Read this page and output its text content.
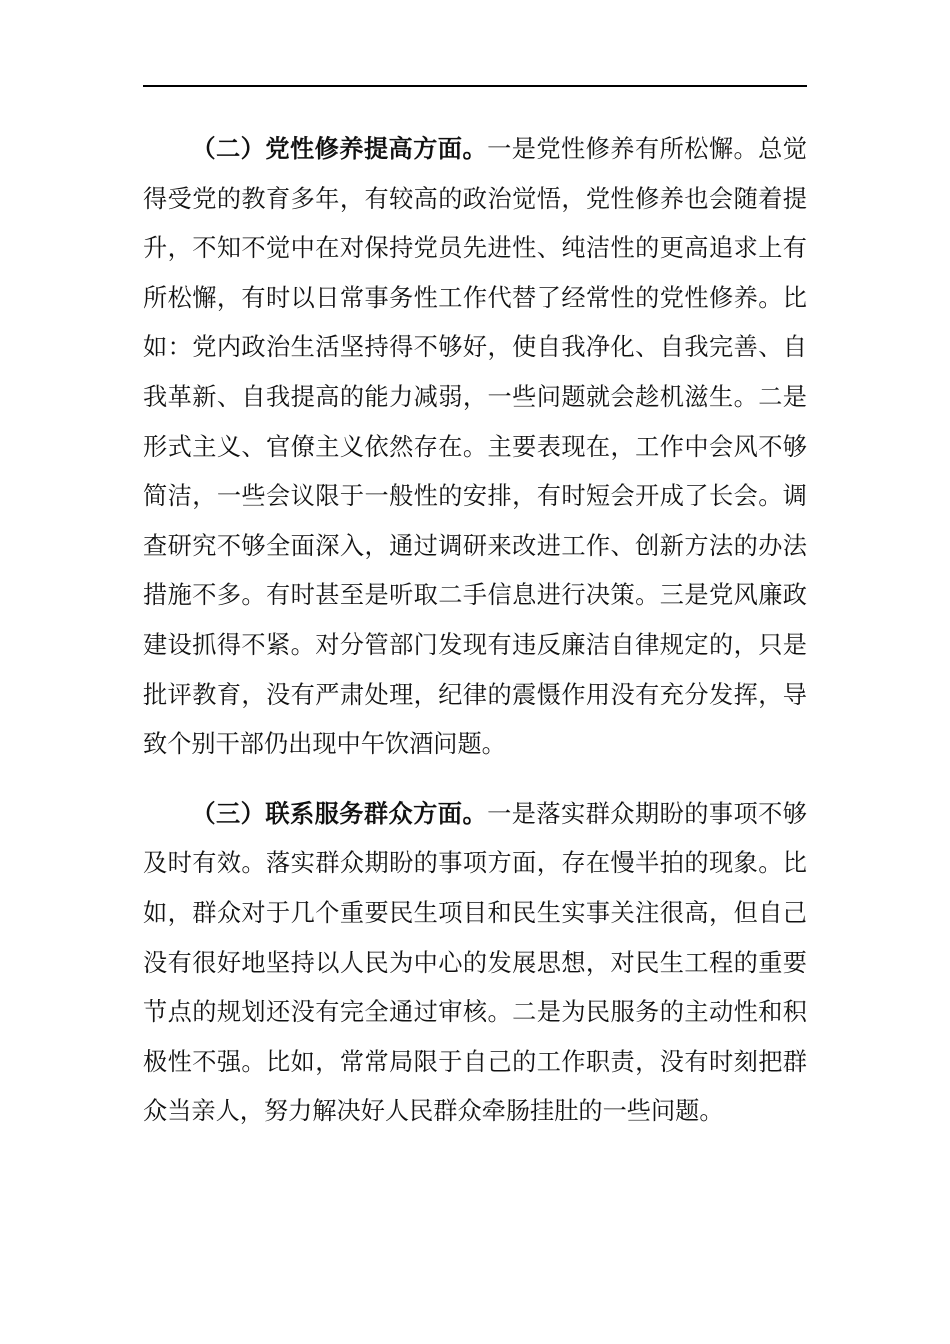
（二）党性修养提高方面。一是党性修养有所松懈。总觉得受党的教育多年，有较高的政治觉悟，党性修养也会随着提升，不知不觉中在对保持党员先进性、纯洁性的更高追求上有所松懈，有时以日常事务性工作代替了经常性的党性修养。比如：党内政治生活坚持得不够好，使自我净化、自我完善、自我革新、自我提高的能力减弱，一些问题就会趁机滋生。二是形式主义、官僚主义依然存在。主要表现在，工作中会风不够简洁，一些会议限于一般性的安排，有时短会开成了长会。调查研究不够全面深入，通过调研来改进工作、创新方法的办法措施不多。有时甚至是听取二手信息进行决策。三是党风廉政建设抓得不紧。对分管部门发现有违反廉洁自律规定的，只是批评教育，没有严肃处理，纪律的震慑作用没有充分发挥，导致个别干部仍出现中午饮酒问题。

（三）联系服务群众方面。一是落实群众期盼的事项不够及时有效。落实群众期盼的事项方面，存在慢半拍的现象。比如，群众对于几个重要民生项目和民生实事关注很高，但自己没有很好地坚持以人民为中心的发展思想，对民生工程的重要节点的规划还没有完全通过审核。二是为民服务的主动性和积极性不强。比如，常常局限于自己的工作职责，没有时刻把群众当亲人，努力解决好人民群众牵肠挂肚的一些问题。
